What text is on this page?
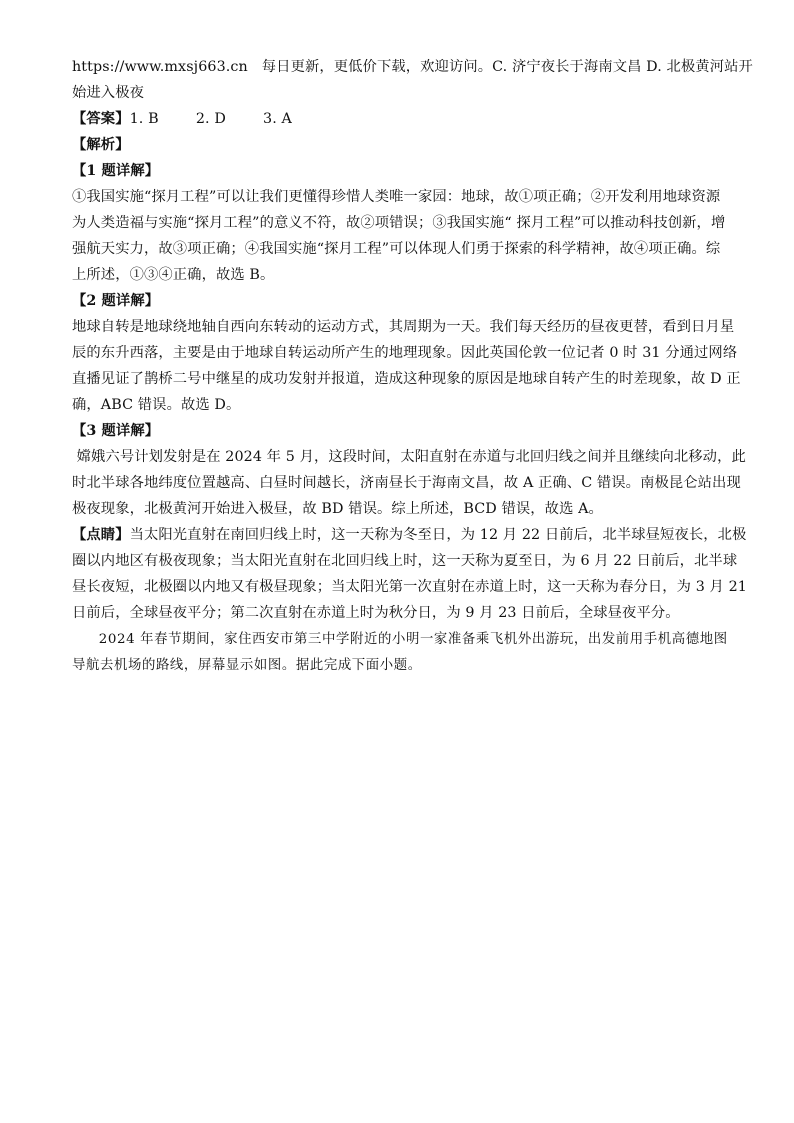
https://www.mxsj663.cn 每日更新，更低价下载，欢迎访问。C. 济宁夜长于海南文昌 D. 北极黄河站开

始进入极夜

【答案】1. B        2. D        3. A

【解析】

【1 题详解】

①我国实施“探月工程”可以让我们更懂得珍惜人类唯一家园：地球，故①项正确；②开发利用地球资源

为人类造福与实施“探月工程”的意义不符，故②项错误；③我国实施“ 探月工程”可以推动科技创新，增

强航天实力，故③项正确；④我国实施“探月工程”可以体现人们勇于探索的科学精神，故④项正确。综

上所述，①③④正确，故选 B。

【2 题详解】

地球自转是地球绕地轴自西向东转动的运动方式，其周期为一天。我们每天经历的昼夜更替，看到日月星

辰的东升西落，主要是由于地球自转运动所产生的地理现象。因此英国伦敦一位记者 0 时 31 分通过网络

直播见证了鹊桥二号中继星的成功发射并报道，造成这种现象的原因是地球自转产生的时差现象，故 D 正

确，ABC 错误。故选 D。

【3 题详解】

嫦娥六号计划发射是在 2024 年 5 月，这段时间，太阳直射在赤道与北回归线之间并且继续向北移动，此

时北半球各地纬度位置越高、白昼时间越长，济南昼长于海南文昌，故 A 正确、C 错误。南极昆仑站出现

极夜现象，北极黄河开始进入极昼，故 BD 错误。综上所述，BCD 错误，故选 A。

【点睛】当太阳光直射在南回归线上时，这一天称为冬至日，为 12 月 22 日前后，北半球昼短夜长，北极

圈以内地区有极夜现象；当太阳光直射在北回归线上时，这一天称为夏至日，为 6 月 22 日前后，北半球

昼长夜短，北极圈以内地又有极昼现象；当太阳光第一次直射在赤道上时，这一天称为春分日，为 3 月 21

日前后，全球昼夜平分；第二次直射在赤道上时为秋分日，为 9 月 23 日前后，全球昼夜平分。

2024 年春节期间，家住西安市第三中学附近的小明一家准备乘飞机外出游玩，出发前用手机高德地图

导航去机场的路线，屏幕显示如图。据此完成下面小题。
